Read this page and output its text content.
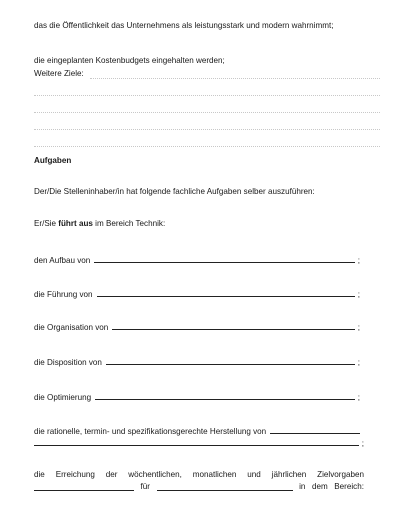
das die Öffentlichkeit das Unternehmens als leistungsstark und modern wahrnimmt;
die eingeplanten Kostenbudgets eingehalten werden;
Weitere Ziele:
Aufgaben
Der/Die Stelleninhaber/in hat folgende fachliche Aufgaben selber auszuführen:
Er/Sie führt aus im Bereich Technik:
den Aufbau von	;
die Führung von	;
die Organisation von	;
die Disposition von	;
die Optimierung	;
die rationelle, termin- und spezifikationsgerechte Herstellung von
;
die Erreichung der wöchentlichen, monatlichen und jährlichen Zielvorgaben
für	in dem Bereich:
